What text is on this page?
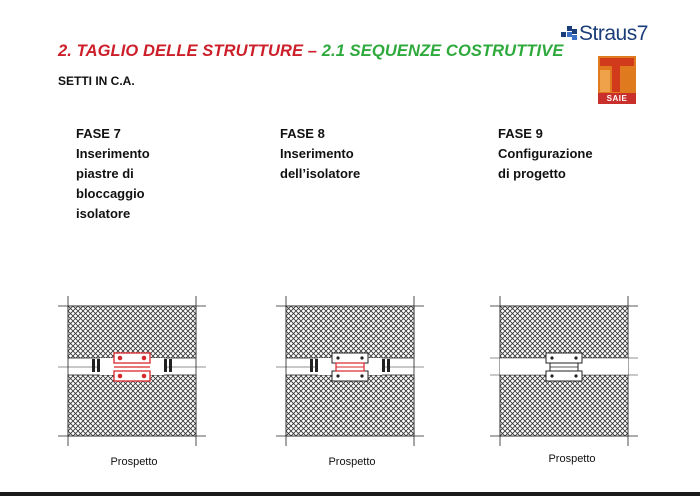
2. TAGLIO DELLE STRUTTURE – 2.1 SEQUENZE COSTRUTTIVE
SETTI IN C.A.
Straus7
SAIE
FASE 7
Inserimento
piastre di
bloccaggio
isolatore
FASE 8
Inserimento
dell’isolatore
FASE 9
Configurazione
di progetto
Prospetto	Prospetto	Prospetto
